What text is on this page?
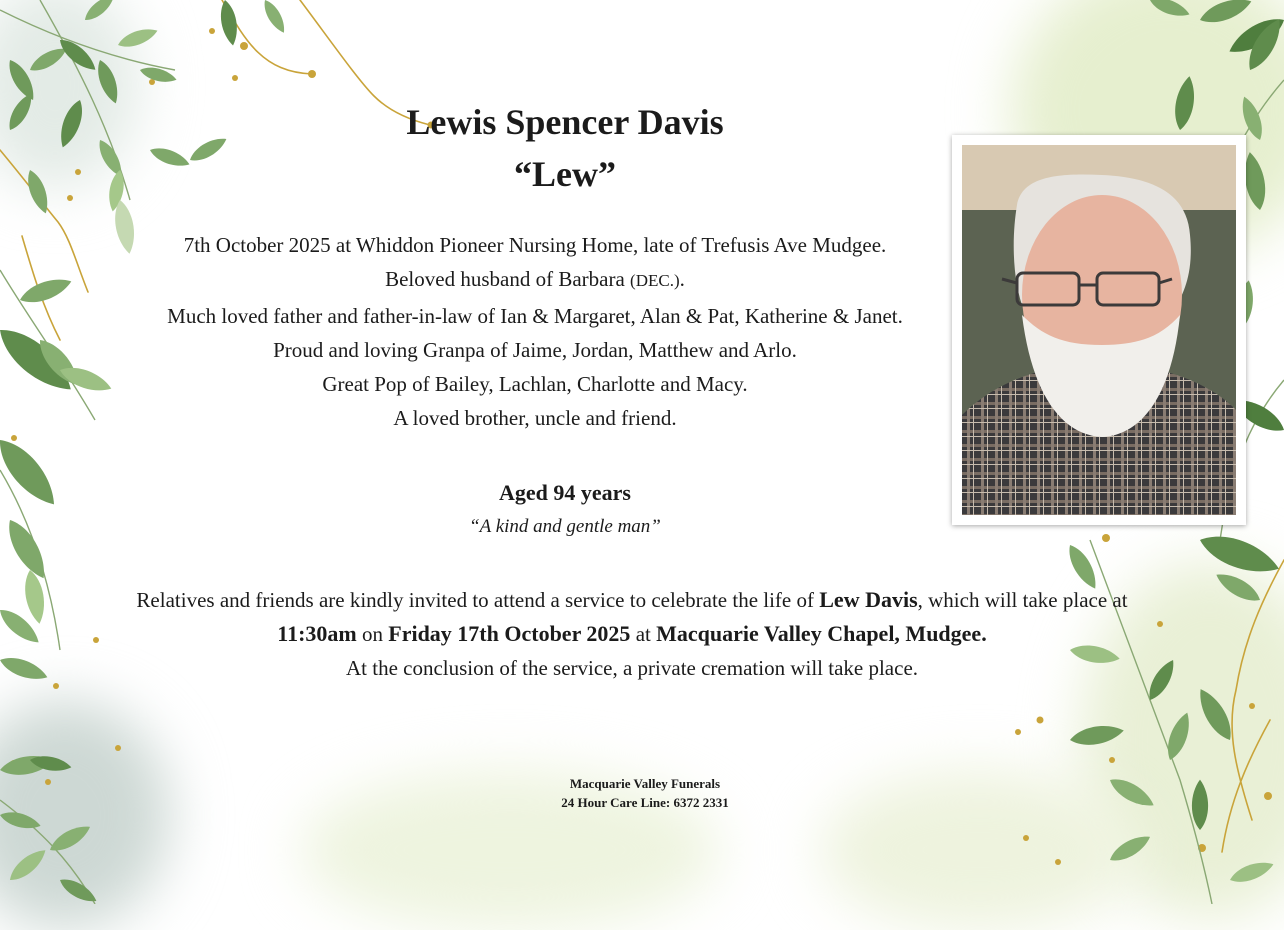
Lewis Spencer Davis
“Lew”
7th October 2025 at Whiddon Pioneer Nursing Home, late of Trefusis Ave Mudgee.
Beloved husband of Barbara (DEC.).
Much loved father and father-in-law of Ian & Margaret, Alan & Pat, Katherine & Janet.
Proud and loving Granpa of Jaime, Jordan, Matthew and Arlo.
Great Pop of Bailey, Lachlan, Charlotte and Macy.
A loved brother, uncle and friend.
Aged 94 years
“A kind and gentle man”
Relatives and friends are kindly invited to attend a service to celebrate the life of Lew Davis, which will take place at
11:30am on Friday 17th October 2025 at Macquarie Valley Chapel, Mudgee.
At the conclusion of the service, a private cremation will take place.
Macquarie Valley Funerals
24 Hour Care Line: 6372 2331
